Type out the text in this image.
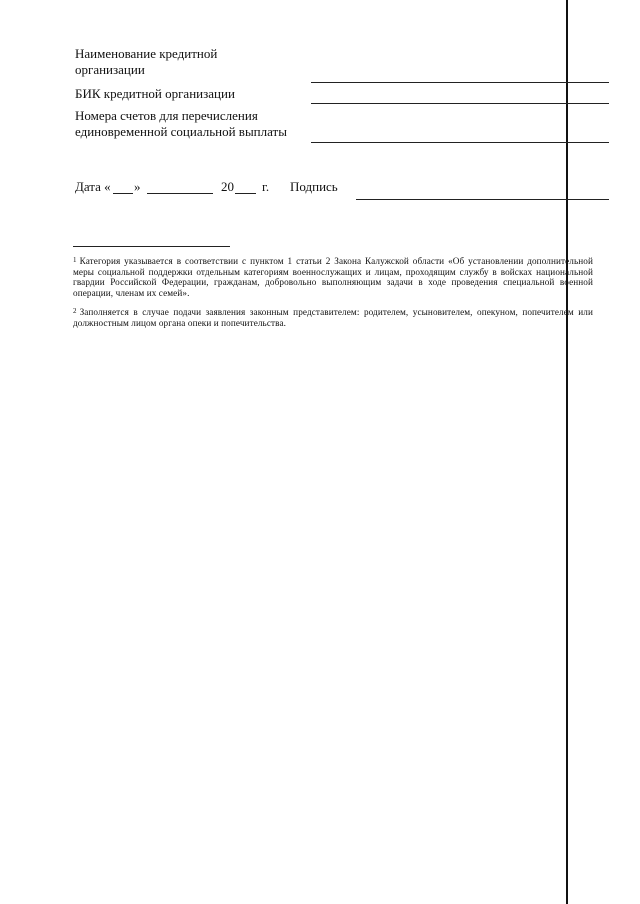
Наименование кредитной
организации
БИК кредитной организации
Номера счетов для перечисления
единовременной социальной выплаты
Дата « »	20 г. Подпись
$^1$ Категория указывается в соответствии с пунктом 1 статьи 2 Закона Калужской области «Об установлении дополнительной меры социальной поддержки отдельным категориям военнослужащих и лицам, проходящим службу в войсках национальной гвардии Российской Федерации, гражданам, добровольно выполняющим задачи в ходе проведения специальной военной операции, членам их семей».
$^2$ Заполняется в случае подачи заявления законным представителем: родителем, усыновителем, опекуном, попечителем или должностным лицом органа опеки и попечительства.
